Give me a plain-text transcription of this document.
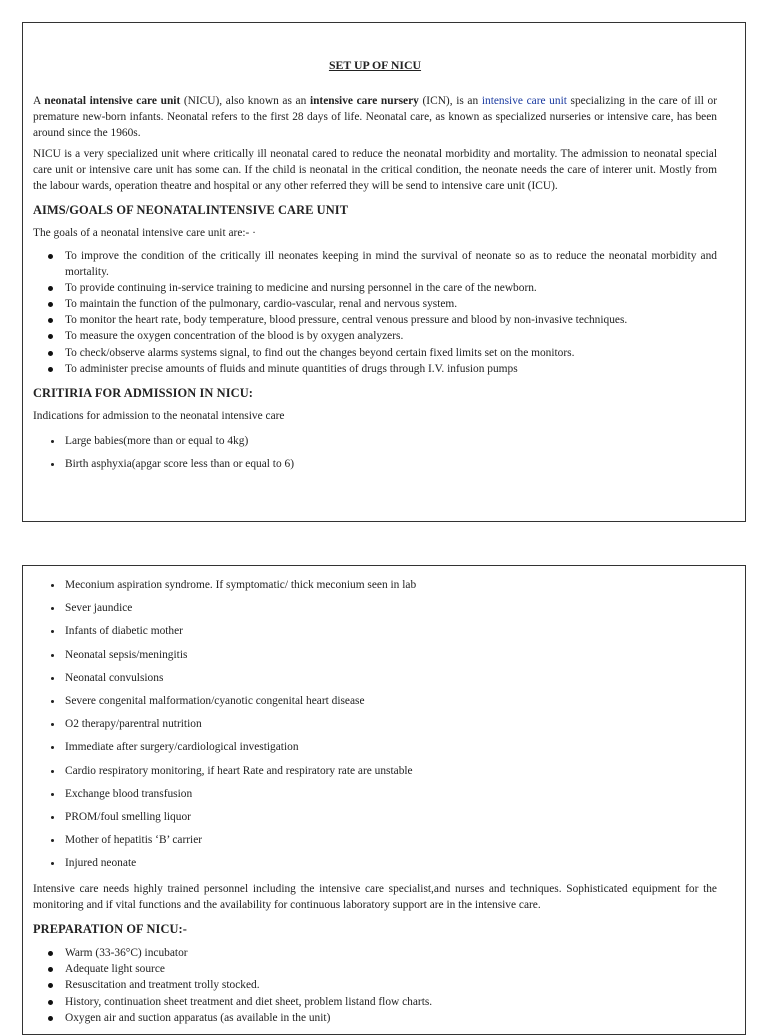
SET UP OF NICU

A neonatal intensive care unit (NICU), also known as an intensive care nursery (ICN), is an intensive care unit specializing in the care of ill or premature new-born infants. Neonatal refers to the first 28 days of life. Neonatal care, as known as specialized nurseries or intensive care, has been around since the 1960s.

NICU is a very specialized unit where critically ill neonatal cared to reduce the neonatal morbidity and mortality. The admission to neonatal special care unit or intensive care unit has some can. If the child is neonatal in the critical condition, the neonate needs the care of interer unit. Mostly from the labour wards, operation theatre and hospital or any other referred they will be send to intensive care unit (ICU).

AIMS/GOALS OF NEONATALINTENSIVE CARE UNIT

The goals of a neonatal intensive care unit are:- ·

To improve the condition of the critically ill neonates keeping in mind the survival of neonate so as to reduce the neonatal morbidity and mortality.
To provide continuing in-service training to medicine and nursing personnel in the care of the newborn.
To maintain the function of the pulmonary, cardio-vascular, renal and nervous system.
To monitor the heart rate, body temperature, blood pressure, central venous pressure and blood by non-invasive techniques.
To measure the oxygen concentration of the blood is by oxygen analyzers.
To check/observe alarms systems signal, to find out the changes beyond certain fixed limits set on the monitors.
To administer precise amounts of fluids and minute quantities of drugs through I.V. infusion pumps
CRITIRIA FOR ADMISSION IN NICU:

Indications for admission to the neonatal intensive care

Large babies(more than or equal to 4kg)
Birth asphyxia(apgar score less than or equal to 6)
Meconium aspiration syndrome. If symptomatic/ thick meconium seen in lab
Sever jaundice
Infants of diabetic mother
Neonatal sepsis/meningitis
Neonatal convulsions
Severe congenital malformation/cyanotic congenital heart disease
O2 therapy/parentral nutrition
Immediate after surgery/cardiological investigation
Cardio respiratory monitoring, if heart Rate and respiratory rate are unstable
Exchange blood transfusion
PROM/foul smelling liquor
Mother of hepatitis ‘B’ carrier
Injured neonate

Intensive care needs highly trained personnel including the intensive care specialist,and nurses and techniques. Sophisticated equipment for the monitoring and if vital functions and the availability for continuous laboratory support are in the intensive care.

PREPARATION OF NICU:-
Warm (33-36°C) incubator
Adequate light source
Resuscitation and treatment trolly stocked.
History, continuation sheet treatment and diet sheet, problem listand flow charts.
Oxygen air and suction apparatus (as available in the unit)
